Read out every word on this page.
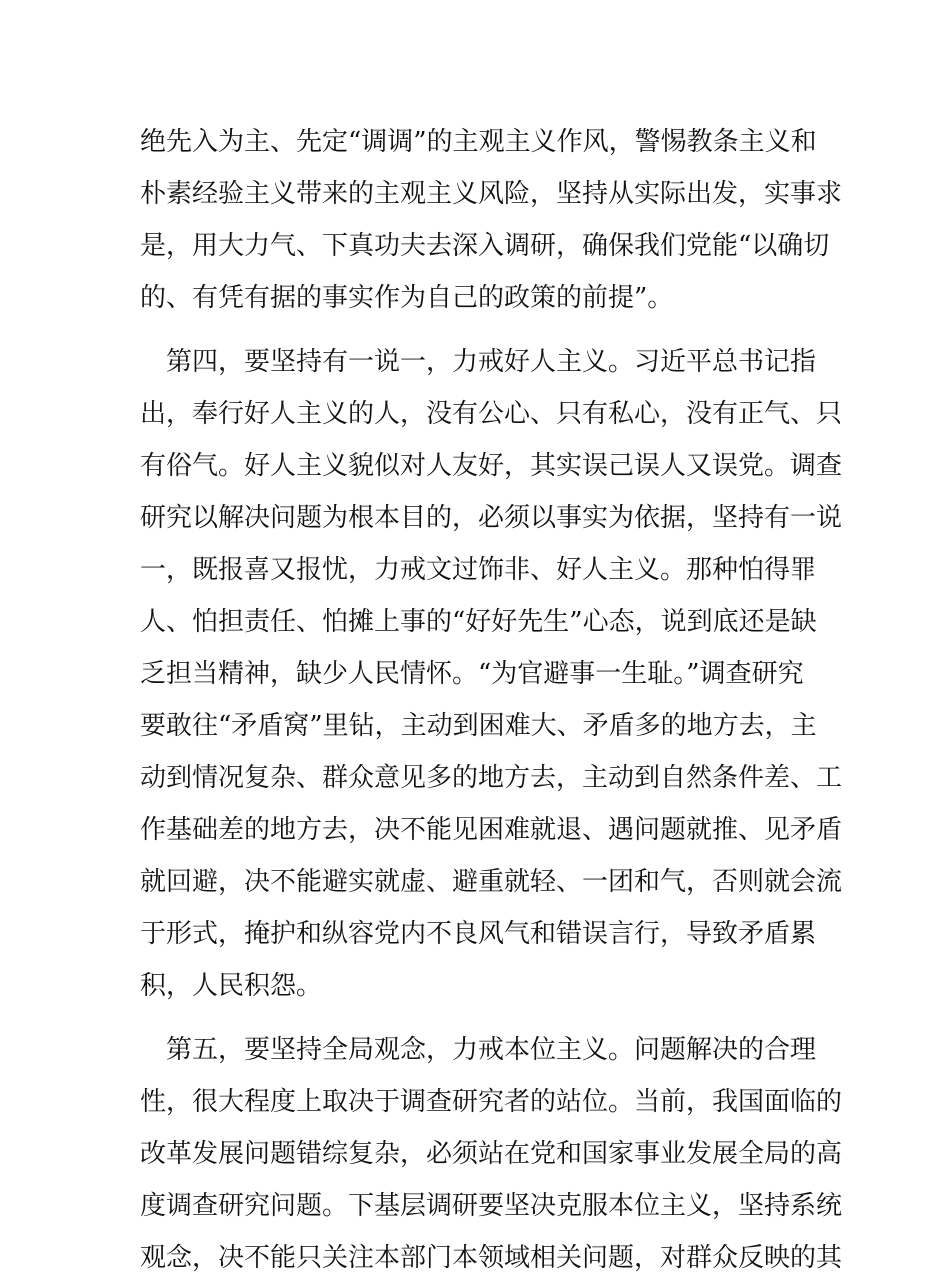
绝先入为主、先定“调调”的主观主义作风，警惕教条主义和
朴素经验主义带来的主观主义风险，坚持从实际出发，实事求
是，用大力气、下真功夫去深入调研，确保我们党能“以确切
的、有凭有据的事实作为自己的政策的前提”。
　第四，要坚持有一说一，力戒好人主义。习近平总书记指
出，奉行好人主义的人，没有公心、只有私心，没有正气、只
有俗气。好人主义貌似对人友好，其实误己误人又误党。调查
研究以解决问题为根本目的，必须以事实为依据，坚持有一说
一，既报喜又报忧，力戒文过饰非、好人主义。那种怕得罪
人、怕担责任、怕摊上事的“好好先生”心态，说到底还是缺
乏担当精神，缺少人民情怀。“为官避事一生耻。”调查研究
要敢往“矛盾窝”里钻，主动到困难大、矛盾多的地方去，主
动到情况复杂、群众意见多的地方去，主动到自然条件差、工
作基础差的地方去，决不能见困难就退、遇问题就推、见矛盾
就回避，决不能避实就虚、避重就轻、一团和气，否则就会流
于形式，掩护和纵容党内不良风气和错误言行，导致矛盾累
积，人民积怨。
　第五，要坚持全局观念，力戒本位主义。问题解决的合理
性，很大程度上取决于调查研究者的站位。当前，我国面临的
改革发展问题错综复杂，必须站在党和国家事业发展全局的高
度调查研究问题。下基层调研要坚决克服本位主义，坚持系统
观念，决不能只关注本部门本领域相关问题，对群众反映的其
